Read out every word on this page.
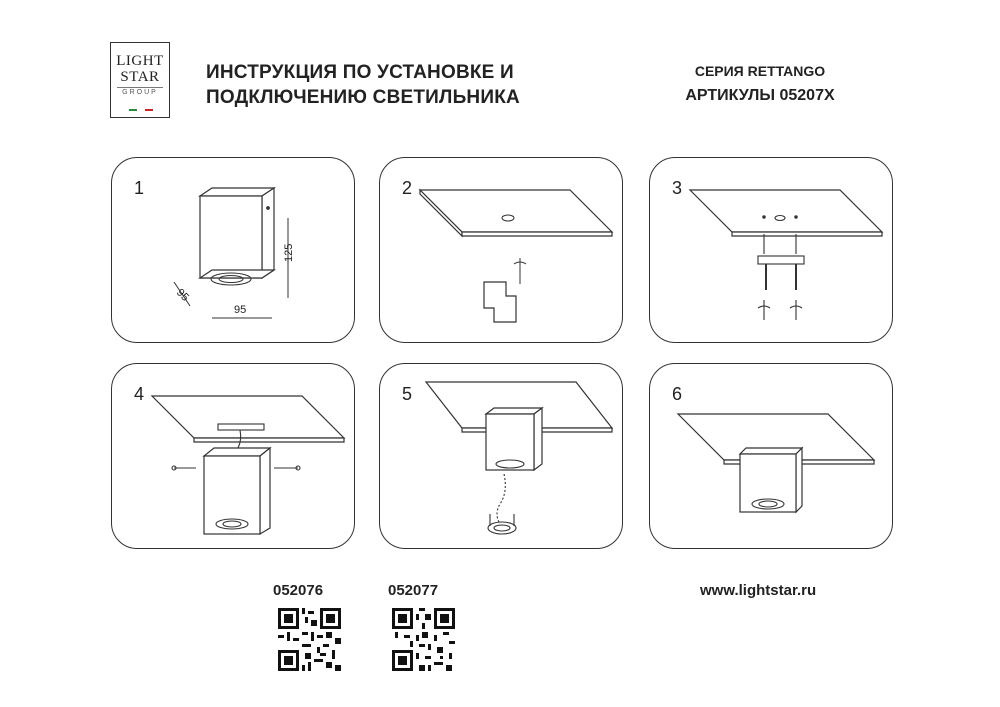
LIGHT
STAR
GROUP
ИНСТРУКЦИЯ ПО УСТАНОВКЕ И
ПОДКЛЮЧЕНИЮ СВЕТИЛЬНИКА
СЕРИЯ RETTANGO
АРТИКУЛЫ 05207X
1
125
95
95
2	3
4	5	6
052076	052077	www.lightstar.ru
